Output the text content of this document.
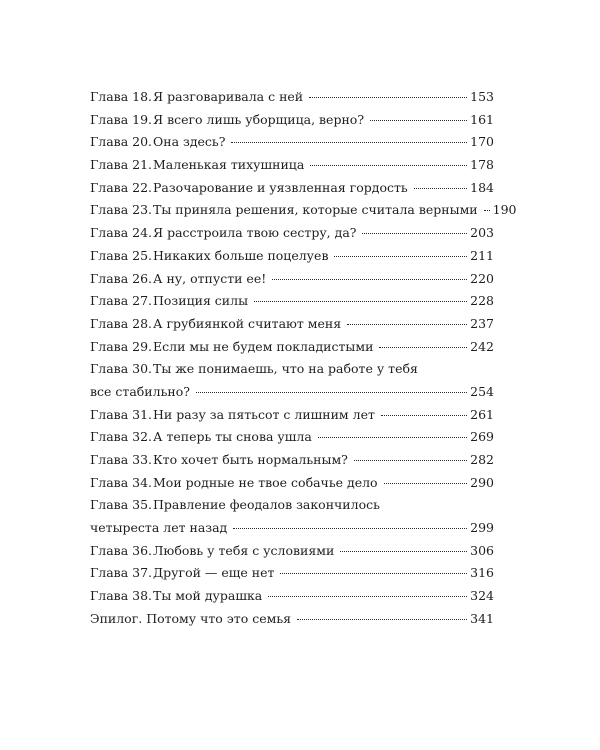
Глава 18.Я разговаривала с ней	153
Глава 19.Я всего лишь уборщица, верно?	161
Глава 20.Она здесь?	170
Глава 21.Маленькая тихушница	178
Глава 22.Разочарование и уязвленная гордость	184
Глава 23.Ты приняла решения, которые считала верными 190
Глава 24.Я расстроила твою сестру, да?	203
Глава 25.Никаких больше поцелуев	211
Глава 26.А ну, отпусти ее!	220
Глава 27.Позиция силы	228
Глава 28.А грубиянкой считают меня	237
Глава 29.Если мы не будем покладистыми	242
Глава 30.Ты же понимаешь, что на работе у тебя
все стабильно?	254
Глава 31.Ни разу за пятьсот с лишним лет	261
Глава 32.А теперь ты снова ушла	269
Глава 33.Кто хочет быть нормальным?	282
Глава 34.Мои родные не твое собачье дело	290
Глава 35.Правление феодалов закончилось
четыреста лет назад	299
Глава 36.Любовь у тебя с условиями	306
Глава 37.Другой — еще нет	316
Глава 38.Ты мой дурашка	324
Эпилог. Потому что это семья	341
